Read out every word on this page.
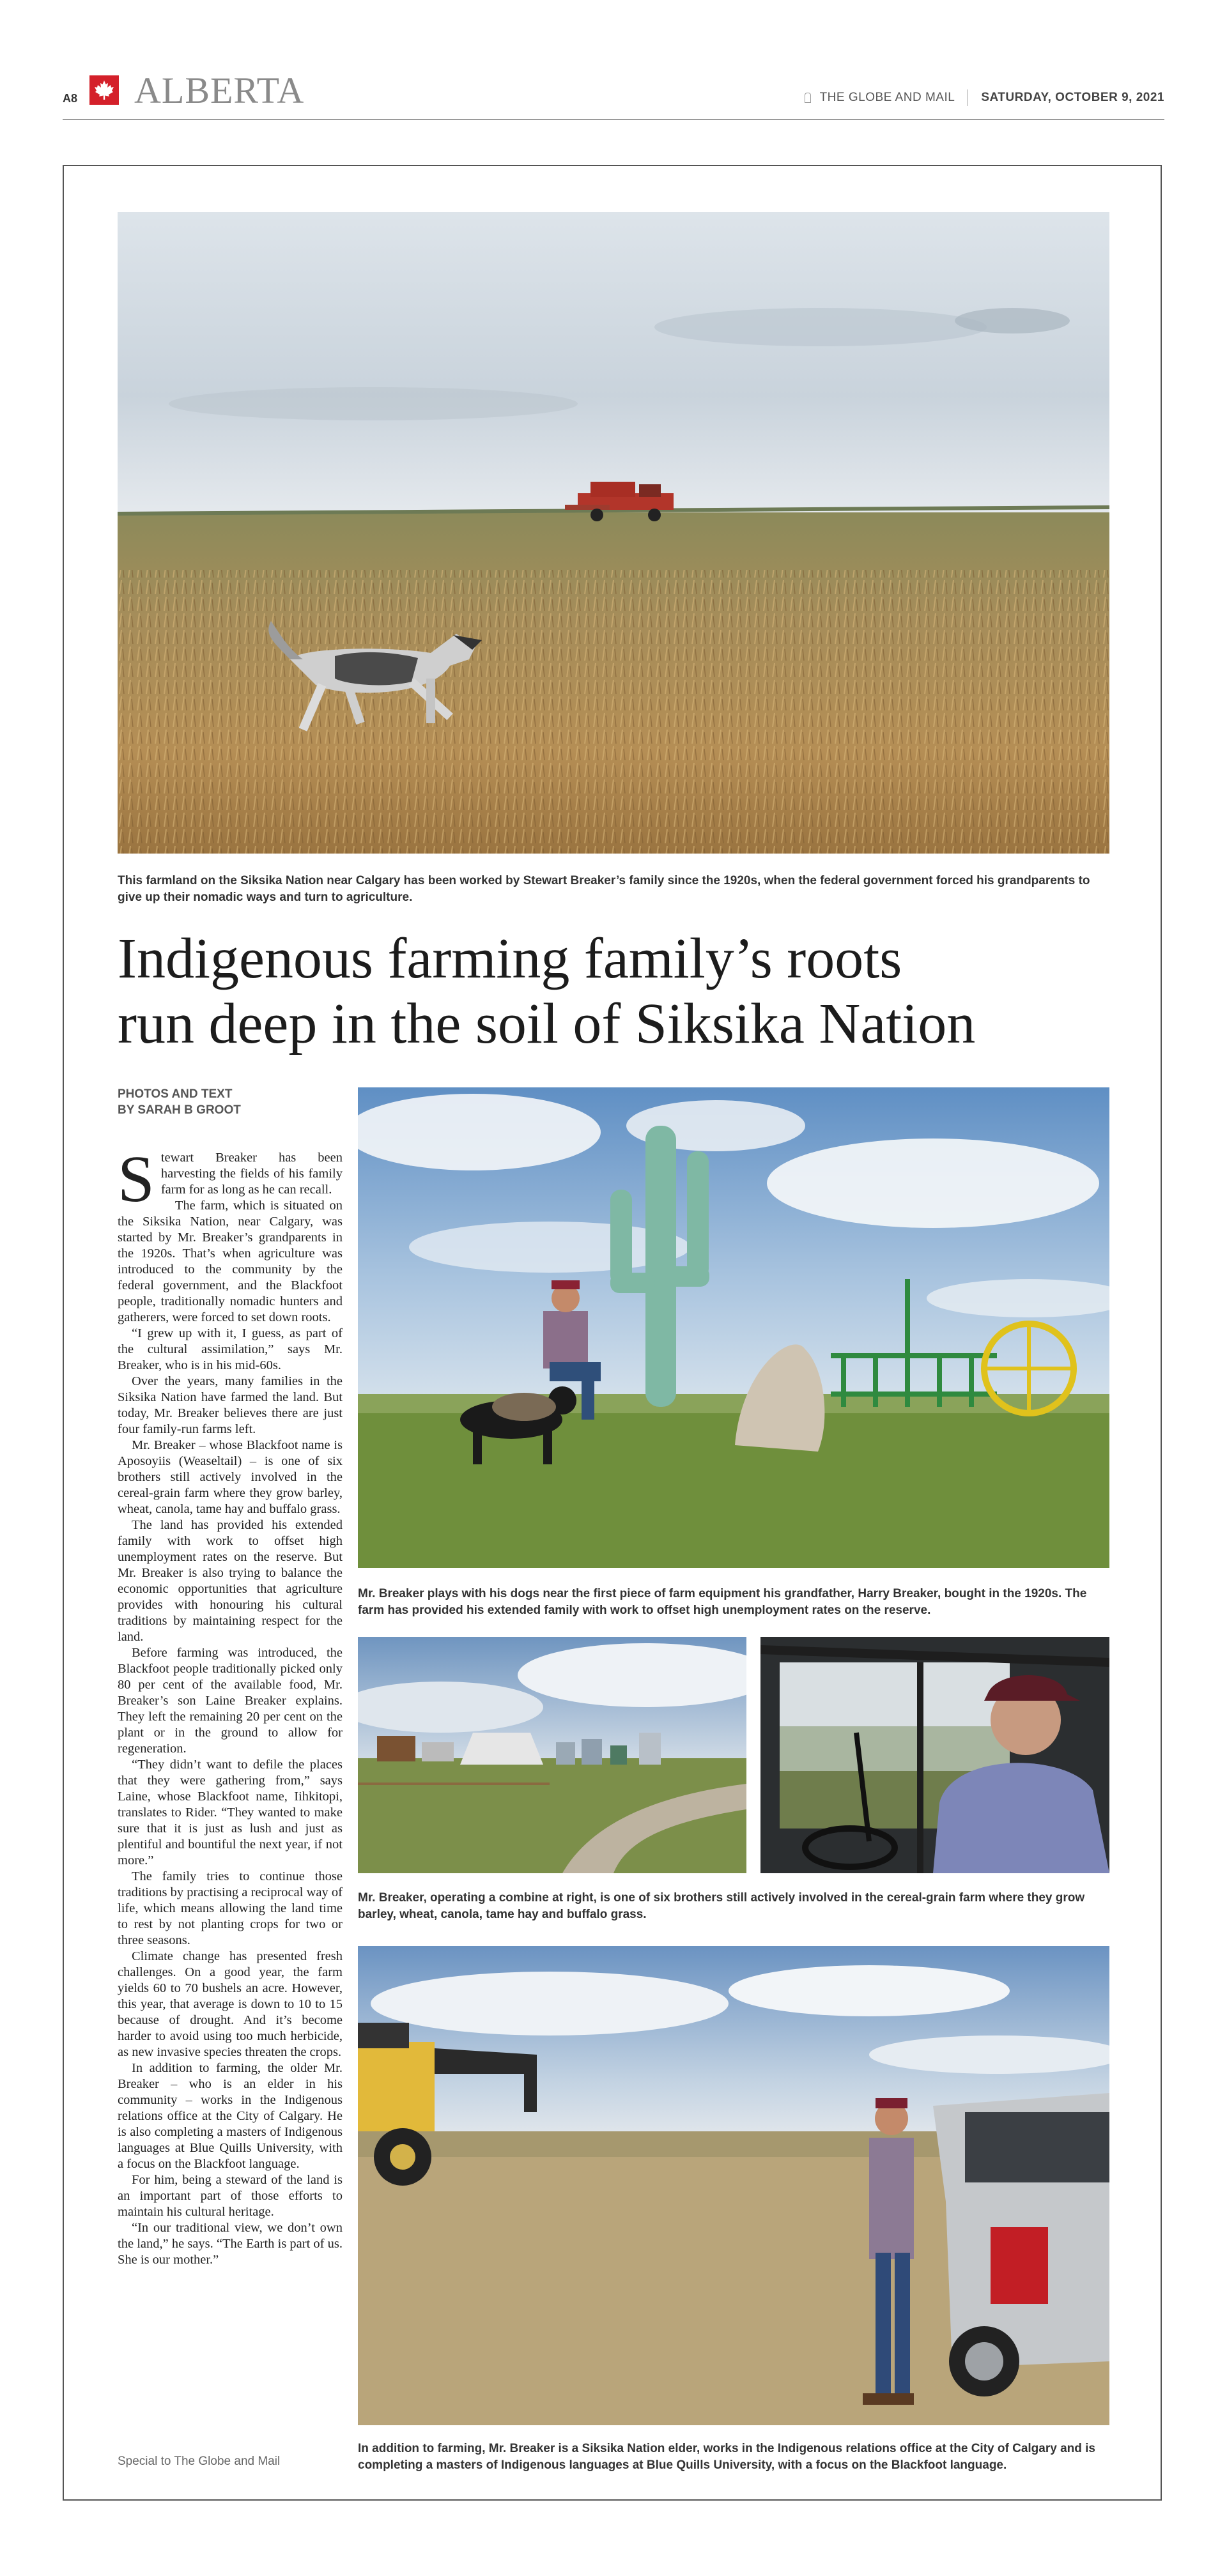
A8 ALBERTA	THE GLOBE AND MAIL SATURDAY, OCTOBER 9, 2021
This farmland on the Siksika Nation near Calgary has been worked by Stewart Breaker’s family since the 1920s, when the federal government forced his grandparents to give up their nomadic ways and turn to agriculture.
Indigenous farming family’s roots
run deep in the soil of Siksika Nation
PHOTOS AND TEXT
BY SARAH B GROOT

Stewart Breaker has been harvesting the fields of his family farm for as long as he can recall.

The farm, which is situated on the Siksika Nation, near Calgary, was started by Mr. Breaker’s grandparents in the 1920s. That’s when agriculture was introduced to the community by the federal government, and the Blackfoot people, traditionally nomadic hunters and gatherers, were forced to set down roots.

“I grew up with it, I guess, as part of the cultural assimilation,” says Mr. Breaker, who is in his mid-60s.

Over the years, many families in the Siksika Nation have farmed the land. But today, Mr. Breaker believes there are just four family-run farms left.

Mr. Breaker – whose Blackfoot name is Aposoyiis (Weaseltail) – is one of six brothers still actively involved in the cereal-grain farm where they grow barley, wheat, canola, tame hay and buffalo grass.

The land has provided his extended family with work to offset high unemployment rates on the reserve. But Mr. Breaker is also trying to balance the economic opportunities that agriculture provides with honouring his cultural traditions by maintaining respect for the land.

Before farming was introduced, the Blackfoot people traditionally picked only 80 per cent of the available food, Mr. Breaker’s son Laine Breaker explains. They left the remaining 20 per cent on the plant or in the ground to allow for regeneration.

“They didn’t want to defile the places that they were gathering from,” says Laine, whose Blackfoot name, Iihkitopi, translates to Rider. “They wanted to make sure that it is just as lush and just as plentiful and bountiful the next year, if not more.”

The family tries to continue those traditions by practising a reciprocal way of life, which means allowing the land time to rest by not planting crops for two or three seasons.

Climate change has presented fresh challenges. On a good year, the farm yields 60 to 70 bushels an acre. However, this year, that average is down to 10 to 15 because of drought. And it’s become harder to avoid using too much herbicide, as new invasive species threaten the crops.

In addition to farming, the older Mr. Breaker – who is an elder in his community – works in the Indigenous relations office at the City of Calgary. He is also completing a masters of Indigenous languages at Blue Quills University, with a focus on the Blackfoot language.

For him, being a steward of the land is an important part of those efforts to maintain his cultural heritage.

“In our traditional view, we don’t own the land,” he says. “The Earth is part of us. She is our mother.”

Special to The Globe and Mail
Mr. Breaker plays with his dogs near the first piece of farm equipment his grandfather, Harry Breaker, bought in the 1920s. The farm has provided his extended family with work to offset high unemployment rates on the reserve.
Mr. Breaker, operating a combine at right, is one of six brothers still actively involved in the cereal-grain farm where they grow barley, wheat, canola, tame hay and buffalo grass.
In addition to farming, Mr. Breaker is a Siksika Nation elder, works in the Indigenous relations office at the City of Calgary and is completing a masters of Indigenous languages at Blue Quills University, with a focus on the Blackfoot language.
